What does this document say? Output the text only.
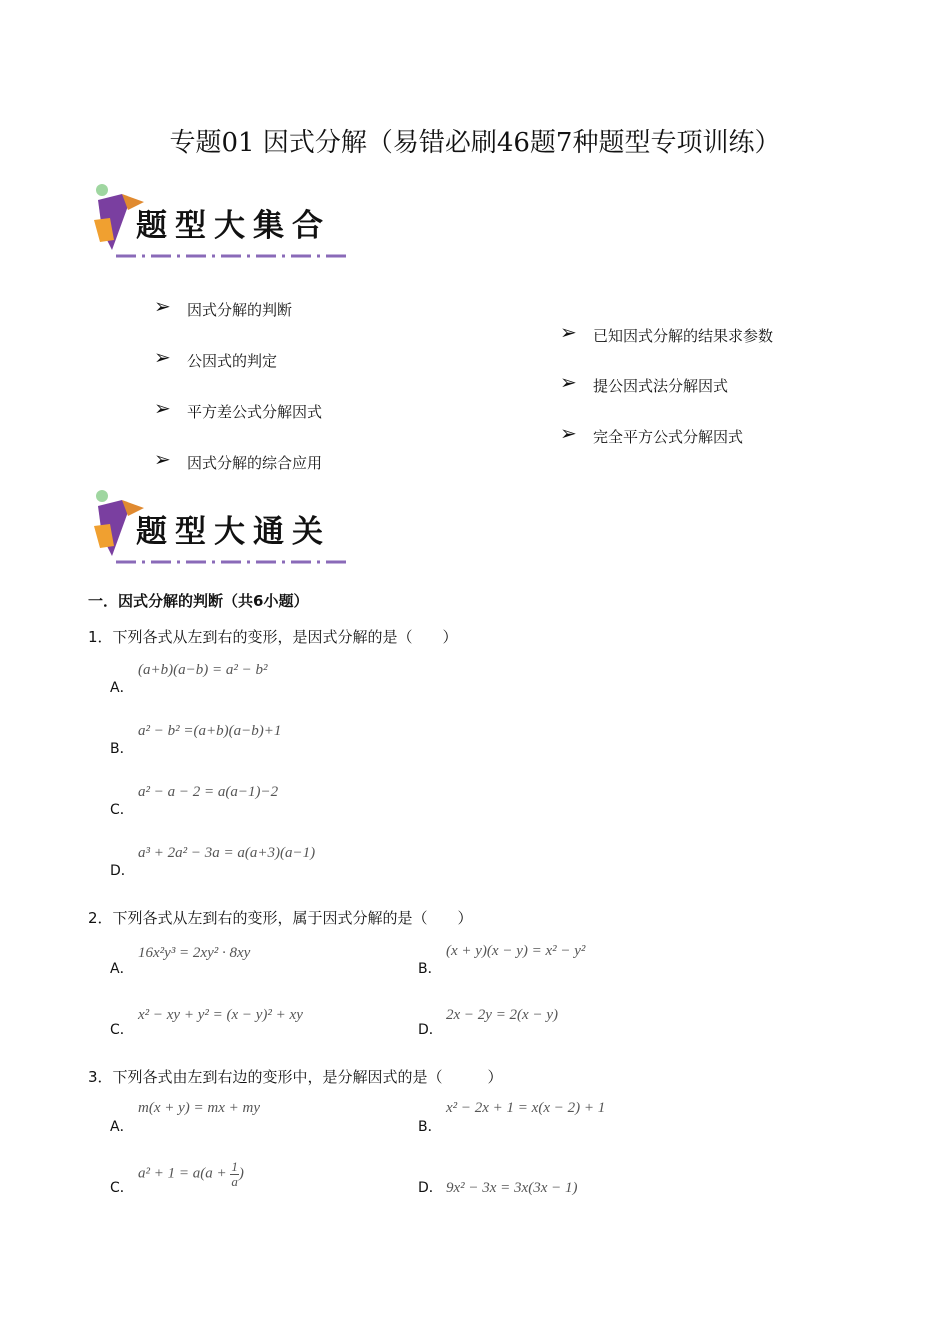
专题01 因式分解（易错必刷46题7种题型专项训练）
题型大集合
➢ 因式分解的判断
➢ 公因式的判定
➢ 平方差公式分解因式
➢ 因式分解的综合应用
➢ 已知因式分解的结果求参数
➢ 提公因式法分解因式
➢ 完全平方公式分解因式
题型大通关
一．因式分解的判断（共6小题）
1．下列各式从左到右的变形，是因式分解的是（　　）
A．
(a+b)(a−b) = a² − b²
B．
a² − b² =(a+b)(a−b)+1
C．
a² − a − 2 = a(a−1)−2
D．
a³ + 2a² − 3a = a(a+3)(a−1)
2．下列各式从左到右的变形，属于因式分解的是（　　）
A．
16x²y³ = 2xy² · 8xy
B．
(x + y)(x − y) = x² − y²
C．
x² − xy + y² = (x − y)² + xy
D．
2x − 2y = 2(x − y)
3．下列各式由左到右边的变形中，是分解因式的是（　　　）
A．
m(x + y) = mx + my
B．
x² − 2x + 1 = x(x − 2) + 1
C．
$a^2 + 1 = a(a + \frac{1}{a}$ )
D． 9x² − 3x = 3x(3x − 1)
